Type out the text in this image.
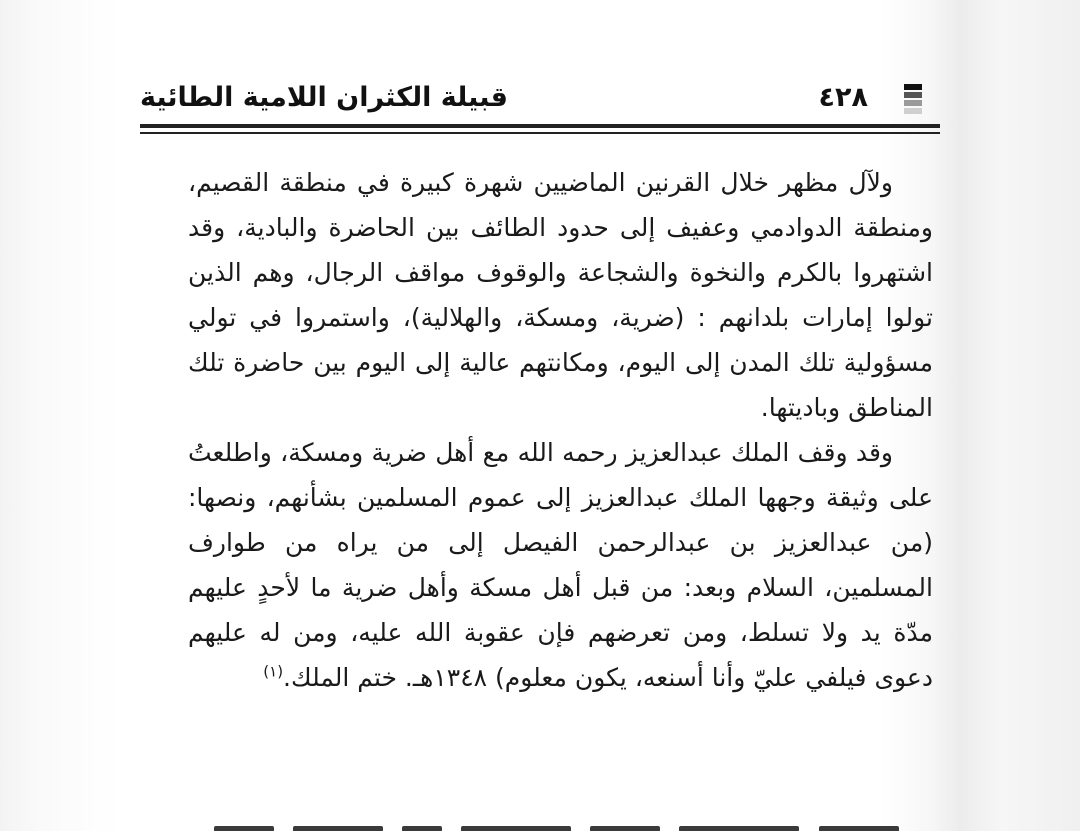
قبيلة الكثران اللامية الطائية	٤٢٨

ولآل مظهر خلال القرنين الماضيين شهرة كبيرة في منطقة القصيم، ومنطقة الدوادمي وعفيف إلى حدود الطائف بين الحاضرة والبادية، وقد اشتهروا بالكرم والنخوة والشجاعة والوقوف مواقف الرجال، وهم الذين تولوا إمارات بلدانهم : (ضرية، ومسكة، والهلالية)، واستمروا في تولي مسؤولية تلك المدن إلى اليوم، ومكانتهم عالية إلى اليوم بين حاضرة تلك المناطق وباديتها.

وقد وقف الملك عبدالعزيز رحمه الله مع أهل ضرية ومسكة، واطلعتُ على وثيقة وجهها الملك عبدالعزيز إلى عموم المسلمين بشأنهم، ونصها: (من عبدالعزيز بن عبدالرحمن الفيصل إلى من يراه من طوارف المسلمين، السلام وبعد: من قبل أهل مسكة وأهل ضرية ما لأحدٍ عليهم مدّة يد ولا تسلط، ومن تعرضهم فإن عقوبة الله عليه، ومن له عليهم دعوى فيلفي عليّ وأنا أسنعه، يكون معلوم) ١٣٤٨هـ. ختم الملك.$^{(١)}$
